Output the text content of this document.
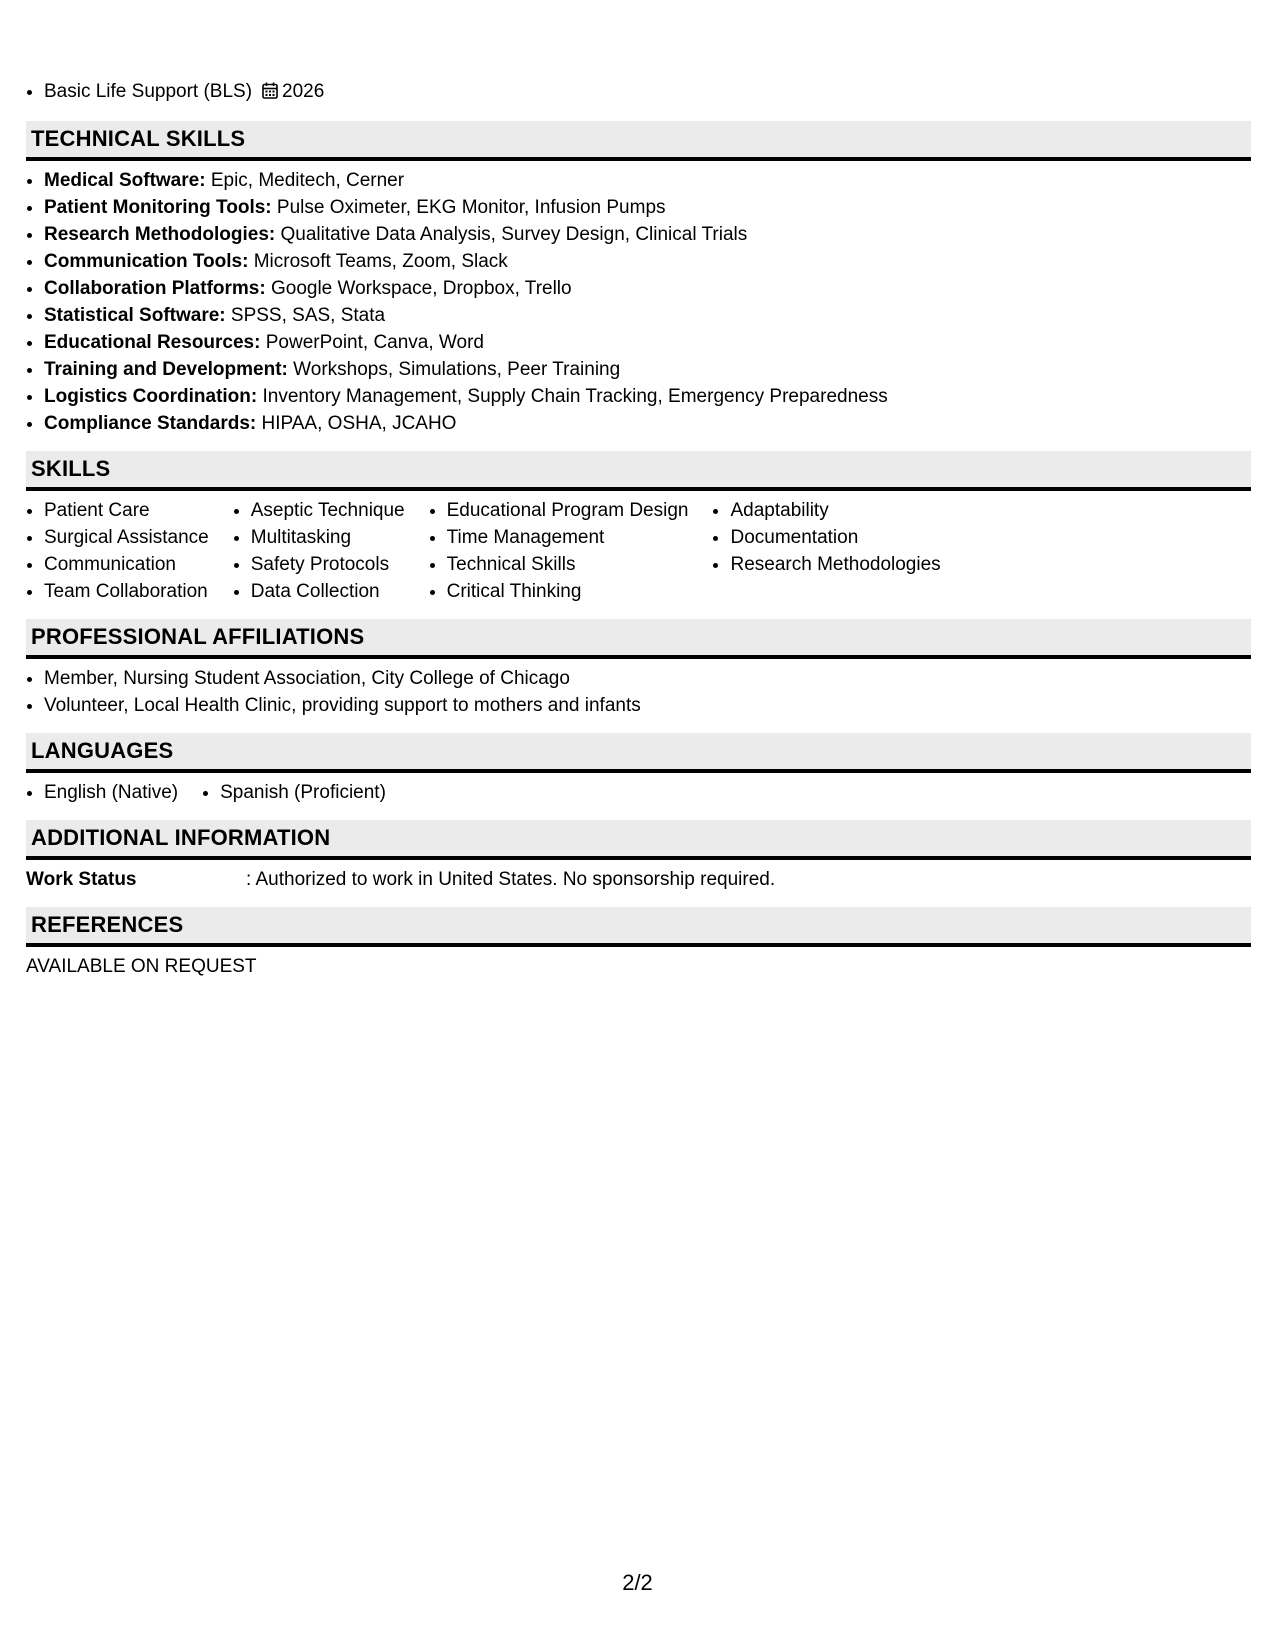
• Basic Life Support (BLS) 2026
TECHNICAL SKILLS
• Medical Software: Epic, Meditech, Cerner
• Patient Monitoring Tools: Pulse Oximeter, EKG Monitor, Infusion Pumps
• Research Methodologies: Qualitative Data Analysis, Survey Design, Clinical Trials
• Communication Tools: Microsoft Teams, Zoom, Slack
• Collaboration Platforms: Google Workspace, Dropbox, Trello
• Statistical Software: SPSS, SAS, Stata
• Educational Resources: PowerPoint, Canva, Word
• Training and Development: Workshops, Simulations, Peer Training
• Logistics Coordination: Inventory Management, Supply Chain Tracking, Emergency Preparedness
• Compliance Standards: HIPAA, OSHA, JCAHO
SKILLS
• Patient Care
• Surgical Assistance
• Communication
• Team Collaboration
• Aseptic Technique
• Multitasking
• Safety Protocols
• Data Collection
• Educational Program Design
• Time Management
• Technical Skills
• Critical Thinking
• Adaptability
• Documentation
• Research Methodologies
PROFESSIONAL AFFILIATIONS
• Member, Nursing Student Association, City College of Chicago
• Volunteer, Local Health Clinic, providing support to mothers and infants
LANGUAGES
• English (Native)
• Spanish (Proficient)
ADDITIONAL INFORMATION
Work Status	: Authorized to work in United States. No sponsorship required.
REFERENCES
AVAILABLE ON REQUEST
2/2
